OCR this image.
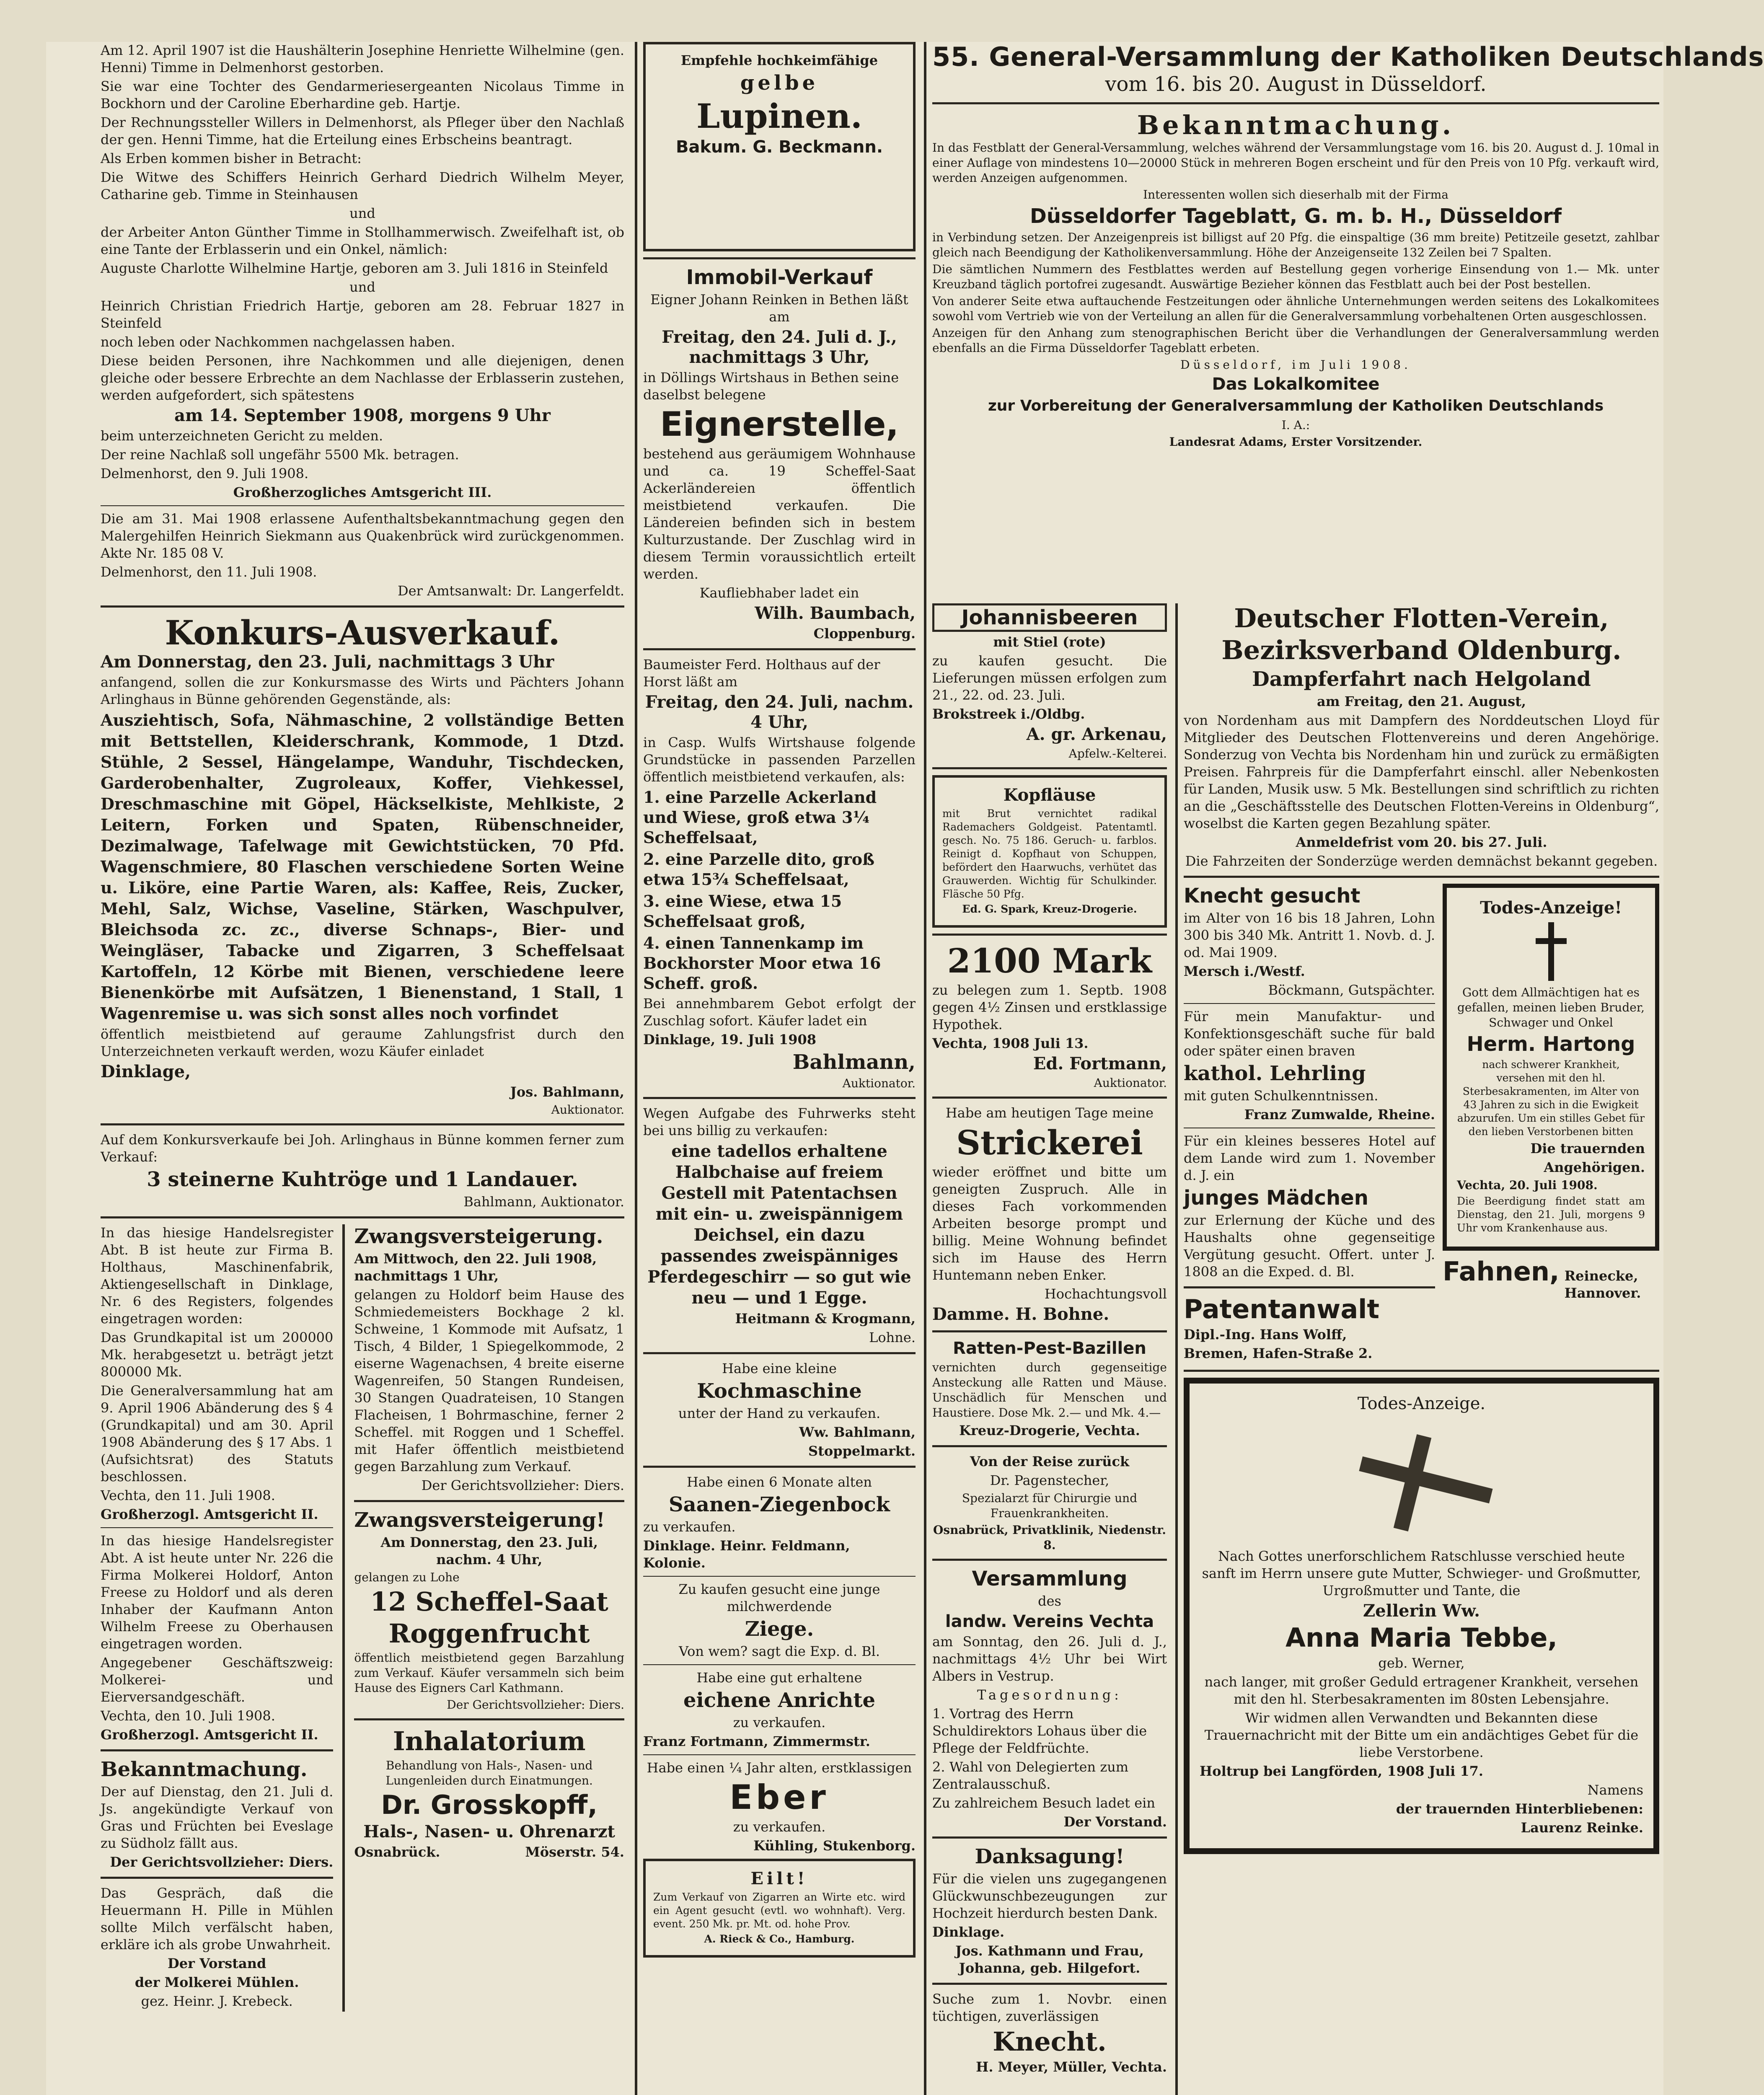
Am 12. April 1907 ist die Haushälterin Josephine Henriette Wilhelmine (gen. Henni) Timme in Delmenhorst gestorben.

Sie war eine Tochter des Gendarmeriesergeanten Nicolaus Timme in Bockhorn und der Caroline Eberhardine geb. Hartje.

Der Rechnungssteller Willers in Delmenhorst, als Pfleger über den Nachlaß der gen. Henni Timme, hat die Erteilung eines Erbscheins beantragt.

Als Erben kommen bisher in Betracht:

Die Witwe des Schiffers Heinrich Gerhard Diedrich Wilhelm Meyer, Catharine geb. Timme in Steinhausen

und

der Arbeiter Anton Günther Timme in Stollhammerwisch. Zweifelhaft ist, ob eine Tante der Erblasserin und ein Onkel, nämlich:

Auguste Charlotte Wilhelmine Hartje, geboren am 3. Juli 1816 in Steinfeld

und

Heinrich Christian Friedrich Hartje, geboren am 28. Februar 1827 in Steinfeld

noch leben oder Nachkommen nachgelassen haben.

Diese beiden Personen, ihre Nachkommen und alle diejenigen, denen gleiche oder bessere Erbrechte an dem Nachlasse der Erblasserin zustehen, werden aufgefordert, sich spätestens

am 14. September 1908, morgens 9 Uhr

beim unterzeichneten Gericht zu melden.

Der reine Nachlaß soll ungefähr 5500 Mk. betragen.

Delmenhorst, den 9. Juli 1908.

Großherzogliches Amtsgericht III.

Die am 31. Mai 1908 erlassene Aufenthaltsbekanntmachung gegen den Malergehilfen Heinrich Siekmann aus Quakenbrück wird zurückgenommen. Akte Nr. 185 08 V.

Delmenhorst, den 11. Juli 1908.

Der Amtsanwalt: Dr. Langerfeldt.

Konkurs-Ausverkauf.

Am Donnerstag, den 23. Juli, nachmittags 3 Uhr

anfangend, sollen die zur Konkursmasse des Wirts und Pächters Johann Arlinghaus in Bünne gehörenden Gegenstände, als:

Ausziehtisch, Sofa, Nähmaschine, 2 vollständige Betten mit Bettstellen, Kleiderschrank, Kommode, 1 Dtzd. Stühle, 2 Sessel, Hängelampe, Wanduhr, Tischdecken, Garderobenhalter, Zugroleaux, Koffer, Viehkessel, Dreschmaschine mit Göpel, Häckselkiste, Mehlkiste, 2 Leitern, Forken und Spaten, Rübenschneider, Dezimalwage, Tafelwage mit Gewichtstücken, 70 Pfd. Wagenschmiere, 80 Flaschen verschiedene Sorten Weine u. Liköre, eine Partie Waren, als: Kaffee, Reis, Zucker, Mehl, Salz, Wichse, Vaseline, Stärken, Waschpulver, Bleichsoda zc. zc., diverse Schnaps-, Bier- und Weingläser, Tabacke und Zigarren, 3 Scheffelsaat Kartoffeln, 12 Körbe mit Bienen, verschiedene leere Bienenkörbe mit Aufsätzen, 1 Bienenstand, 1 Stall, 1 Wagenremise u. was sich sonst alles noch vorfindet

öffentlich meistbietend auf geraume Zahlungsfrist durch den Unterzeichneten verkauft werden, wozu Käufer einladet

Dinklage,

Jos. Bahlmann,

Auktionator.

Auf dem Konkursverkaufe bei Joh. Arlinghaus in Bünne kommen ferner zum Verkauf:

3 steinerne Kuhtröge und 1 Landauer.

Bahlmann, Auktionator.

In das hiesige Handelsregister Abt. B ist heute zur Firma B. Holthaus, Maschinenfabrik, Aktiengesellschaft in Dinklage, Nr. 6 des Registers, folgendes eingetragen worden:

Das Grundkapital ist um 200000 Mk. herabgesetzt u. beträgt jetzt 800000 Mk.

Die Generalversammlung hat am 9. April 1906 Abänderung des § 4 (Grundkapital) und am 30. April 1908 Abänderung des § 17 Abs. 1 (Aufsichtsrat) des Statuts beschlossen.

Vechta, den 11. Juli 1908.

Großherzogl. Amtsgericht II.

In das hiesige Handelsregister Abt. A ist heute unter Nr. 226 die Firma Molkerei Holdorf, Anton Freese zu Holdorf und als deren Inhaber der Kaufmann Anton Wilhelm Freese zu Oberhausen eingetragen worden.

Angegebener Geschäftszweig: Molkerei- und Eierversandgeschäft.

Vechta, den 10. Juli 1908.

Großherzogl. Amtsgericht II.

Bekanntmachung.

Der auf Dienstag, den 21. Juli d. Js. angekündigte Verkauf von Gras und Früchten bei Eveslage zu Südholz fällt aus.

Der Gerichtsvollzieher: Diers.

Das Gespräch, daß die Heuermann H. Pille in Mühlen sollte Milch verfälscht haben, erkläre ich als grobe Unwahrheit.

Der Vorstand

der Molkerei Mühlen.

gez. Heinr. J. Krebeck.

Zwangsversteigerung.

Am Mittwoch, den 22. Juli 1908, nachmittags 1 Uhr,

gelangen zu Holdorf beim Hause des Schmiedemeisters Bockhage 2 kl. Schweine, 1 Kommode mit Aufsatz, 1 Tisch, 4 Bilder, 1 Spiegelkommode, 2 eiserne Wagenachsen, 4 breite eiserne Wagenreifen, 50 Stangen Rundeisen, 30 Stangen Quadrateisen, 10 Stangen Flacheisen, 1 Bohrmaschine, ferner 2 Scheffel. mit Roggen und 1 Scheffel. mit Hafer öffentlich meistbietend gegen Barzahlung zum Verkauf.

Der Gerichtsvollzieher: Diers.

Zwangsversteigerung!

Am Donnerstag, den 23. Juli, nachm. 4 Uhr,

gelangen zu Lohe

12 Scheffel-Saat

Roggenfrucht

öffentlich meistbietend gegen Barzahlung zum Verkauf. Käufer versammeln sich beim Hause des Eigners Carl Kathmann.

Der Gerichtsvollzieher: Diers.

Inhalatorium

Behandlung von Hals-, Nasen- und Lungenleiden durch Einatmungen.

Dr. Grosskopff,

Hals-, Nasen- u. Ohrenarzt

Osnabrück.	Möserstr. 54.

Empfehle hochkeimfähige

gelbe

Lupinen.

Bakum. G. Beckmann.

Immobil-Verkauf

Eigner Johann Reinken in Bethen läßt am

Freitag, den 24. Juli d. J., nachmittags 3 Uhr,

in Döllings Wirtshaus in Bethen seine daselbst belegene

Eignerstelle,

bestehend aus geräumigem Wohnhause und ca. 19 Scheffel-Saat Ackerländereien öffentlich meistbietend verkaufen. Die Ländereien befinden sich in bestem Kulturzustande. Der Zuschlag wird in diesem Termin voraussichtlich erteilt werden.

Kaufliebhaber ladet ein

Wilh. Baumbach,

Cloppenburg.

Baumeister Ferd. Holthaus auf der Horst läßt am

Freitag, den 24. Juli, nachm. 4 Uhr,

in Casp. Wulfs Wirtshause folgende Grundstücke in passenden Parzellen öffentlich meistbietend verkaufen, als:

1. eine Parzelle Ackerland und Wiese, groß etwa 3¼ Scheffelsaat,

2. eine Parzelle dito, groß etwa 15¾ Scheffelsaat,

3. eine Wiese, etwa 15 Scheffelsaat groß,

4. einen Tannenkamp im Bockhorster Moor etwa 16 Scheff. groß.

Bei annehmbarem Gebot erfolgt der Zuschlag sofort. Käufer ladet ein

Dinklage, 19. Juli 1908

Bahlmann,

Auktionator.

Wegen Aufgabe des Fuhrwerks steht bei uns billig zu verkaufen:

eine tadellos erhaltene Halbchaise auf freiem Gestell mit Patentachsen mit ein- u. zweispännigem Deichsel, ein dazu passendes zweispänniges Pferdegeschirr — so gut wie neu — und 1 Egge.

Heitmann & Krogmann,

Lohne.

Habe eine kleine

Kochmaschine

unter der Hand zu verkaufen.

Ww. Bahlmann,

Stoppelmarkt.

Habe einen 6 Monate alten

Saanen-Ziegenbock

zu verkaufen.

Dinklage. Heinr. Feldmann, Kolonie.

Zu kaufen gesucht eine junge milchwerdende

Ziege.

Von wem? sagt die Exp. d. Bl.

Habe eine gut erhaltene

eichene Anrichte

zu verkaufen.

Franz Fortmann, Zimmermstr.

Habe einen ¼ Jahr alten, erstklassigen

Eber

zu verkaufen.

Kühling, Stukenborg.

Eilt!

Zum Verkauf von Zigarren an Wirte etc. wird ein Agent gesucht (evtl. wo wohnhaft). Verg. event. 250 Mk. pr. Mt. od. hohe Prov.

A. Rieck & Co., Hamburg.

Johannisbeeren

mit Stiel (rote)

zu kaufen gesucht. Die Lieferungen müssen erfolgen zum 21., 22. od. 23. Juli.

Brokstreek i./Oldbg.

A. gr. Arkenau,

Apfelw.-Kelterei.

Kopfläuse

mit Brut vernichtet radikal Rademachers Goldgeist. Patentamtl. gesch. No. 75 186. Geruch- u. farblos. Reinigt d. Kopfhaut von Schuppen, befördert den Haarwuchs, verhütet das Grauwerden. Wichtig für Schulkinder. Fläsche 50 Pfg.

Ed. G. Spark, Kreuz-Drogerie.

2100 Mark

zu belegen zum 1. Septb. 1908 gegen 4½ Zinsen und erstklassige Hypothek.

Vechta, 1908 Juli 13.

Ed. Fortmann,

Auktionator.

Habe am heutigen Tage meine

Strickerei

wieder eröffnet und bitte um geneigten Zuspruch. Alle in dieses Fach vorkommenden Arbeiten besorge prompt und billig. Meine Wohnung befindet sich im Hause des Herrn Huntemann neben Enker.

Hochachtungsvoll

Damme. H. Bohne.

Ratten-Pest-Bazillen

vernichten durch gegenseitige Ansteckung alle Ratten und Mäuse. Unschädlich für Menschen und Haustiere. Dose Mk. 2.— und Mk. 4.—

Kreuz-Drogerie, Vechta.

Von der Reise zurück

Dr. Pagenstecher,

Spezialarzt für Chirurgie und Frauenkrankheiten.

Osnabrück, Privatklinik, Niedenstr. 8.

Versammlung

des

landw. Vereins Vechta

am Sonntag, den 26. Juli d. J., nachmittags 4½ Uhr bei Wirt Albers in Vestrup.

Tagesordnung:

1. Vortrag des Herrn Schuldirektors Lohaus über die Pflege der Feldfrüchte.

2. Wahl von Delegierten zum Zentralausschuß.

Zu zahlreichem Besuch ladet ein

Der Vorstand.

Danksagung!

Für die vielen uns zugegangenen Glückwunschbezeugungen zur Hochzeit hierdurch besten Dank.

Dinklage.

Jos. Kathmann und Frau, Johanna, geb. Hilgefort.

Suche zum 1. Novbr. einen tüchtigen, zuverlässigen

Knecht.

H. Meyer, Müller, Vechta.

55. General-Versammlung der Katholiken Deutschlands
vom 16. bis 20. August in Düsseldorf.
Bekanntmachung.

In das Festblatt der General-Versammlung, welches während der Versammlungstage vom 16. bis 20. August d. J. 10mal in einer Auflage von mindestens 10—20000 Stück in mehreren Bogen erscheint und für den Preis von 10 Pfg. verkauft wird, werden Anzeigen aufgenommen.

Interessenten wollen sich dieserhalb mit der Firma

Düsseldorfer Tageblatt, G. m. b. H., Düsseldorf

in Verbindung setzen. Der Anzeigenpreis ist billigst auf 20 Pfg. die einspaltige (36 mm breite) Petitzeile gesetzt, zahlbar gleich nach Beendigung der Katholikenversammlung. Höhe der Anzeigenseite 132 Zeilen bei 7 Spalten.

Die sämtlichen Nummern des Festblattes werden auf Bestellung gegen vorherige Einsendung von 1.— Mk. unter Kreuzband täglich portofrei zugesandt. Auswärtige Bezieher können das Festblatt auch bei der Post bestellen.

Von anderer Seite etwa auftauchende Festzeitungen oder ähnliche Unternehmungen werden seitens des Lokalkomitees sowohl vom Vertrieb wie von der Verteilung an allen für die Generalversammlung vorbehaltenen Orten ausgeschlossen.

Anzeigen für den Anhang zum stenographischen Bericht über die Verhandlungen der Generalversammlung werden ebenfalls an die Firma Düsseldorfer Tageblatt erbeten.

Düsseldorf, im Juli 1908.

Das Lokalkomitee

zur Vorbereitung der Generalversammlung der Katholiken Deutschlands

I. A.:

Landesrat Adams, Erster Vorsitzender.

Deutscher Flotten-Verein,

Bezirksverband Oldenburg.

Dampferfahrt nach Helgoland

am Freitag, den 21. August,

von Nordenham aus mit Dampfern des Norddeutschen Lloyd für Mitglieder des Deutschen Flottenvereins und deren Angehörige. Sonderzug von Vechta bis Nordenham hin und zurück zu ermäßigten Preisen. Fahrpreis für die Dampferfahrt einschl. aller Nebenkosten für Landen, Musik usw. 5 Mk. Bestellungen sind schriftlich zu richten an die „Geschäftsstelle des Deutschen Flotten-Vereins in Oldenburg“, woselbst die Karten gegen Bezahlung später.

Anmeldefrist vom 20. bis 27. Juli.

Die Fahrzeiten der Sonderzüge werden demnächst bekannt gegeben.

Knecht gesucht

im Alter von 16 bis 18 Jahren, Lohn 300 bis 340 Mk. Antritt 1. Novb. d. J. od. Mai 1909.

Mersch i./Westf.

Böckmann, Gutspächter.

Für mein Manufaktur- und Konfektionsgeschäft suche für bald oder später einen braven

kathol. Lehrling

mit guten Schulkenntnissen.

Franz Zumwalde, Rheine.

Für ein kleines besseres Hotel auf dem Lande wird zum 1. November d. J. ein

junges Mädchen

zur Erlernung der Küche und des Haushalts ohne gegenseitige Vergütung gesucht. Offert. unter J. 1808 an die Exped. d. Bl.

Patentanwalt

Dipl.-Ing. Hans Wolff,

Bremen, Hafen-Straße 2.

Todes-Anzeige!

Gott dem Allmächtigen hat es gefallen, meinen lieben Bruder, Schwager und Onkel

Herm. Hartong

nach schwerer Krankheit, versehen mit den hl. Sterbesakramenten, im Alter von 43 Jahren zu sich in die Ewigkeit abzurufen. Um ein stilles Gebet für den lieben Verstorbenen bitten

Die trauernden

Angehörigen.

Vechta, 20. Juli 1908.

Die Beerdigung findet statt am Dienstag, den 21. Juli, morgens 9 Uhr vom Krankenhause aus.

Fahnen, Reinecke, Hannover.

Todes-Anzeige.

Nach Gottes unerforschlichem Ratschlusse verschied heute sanft im Herrn unsere gute Mutter, Schwieger- und Großmutter, Urgroßmutter und Tante, die

Zellerin Ww.

Anna Maria Tebbe,

geb. Werner,

nach langer, mit großer Geduld ertragener Krankheit, versehen mit den hl. Sterbesakramenten im 80sten Lebensjahre.

Wir widmen allen Verwandten und Bekannten diese Trauernachricht mit der Bitte um ein andächtiges Gebet für die liebe Verstorbene.

Holtrup bei Langförden, 1908 Juli 17.

Namens

der trauernden Hinterbliebenen:

Laurenz Reinke.
